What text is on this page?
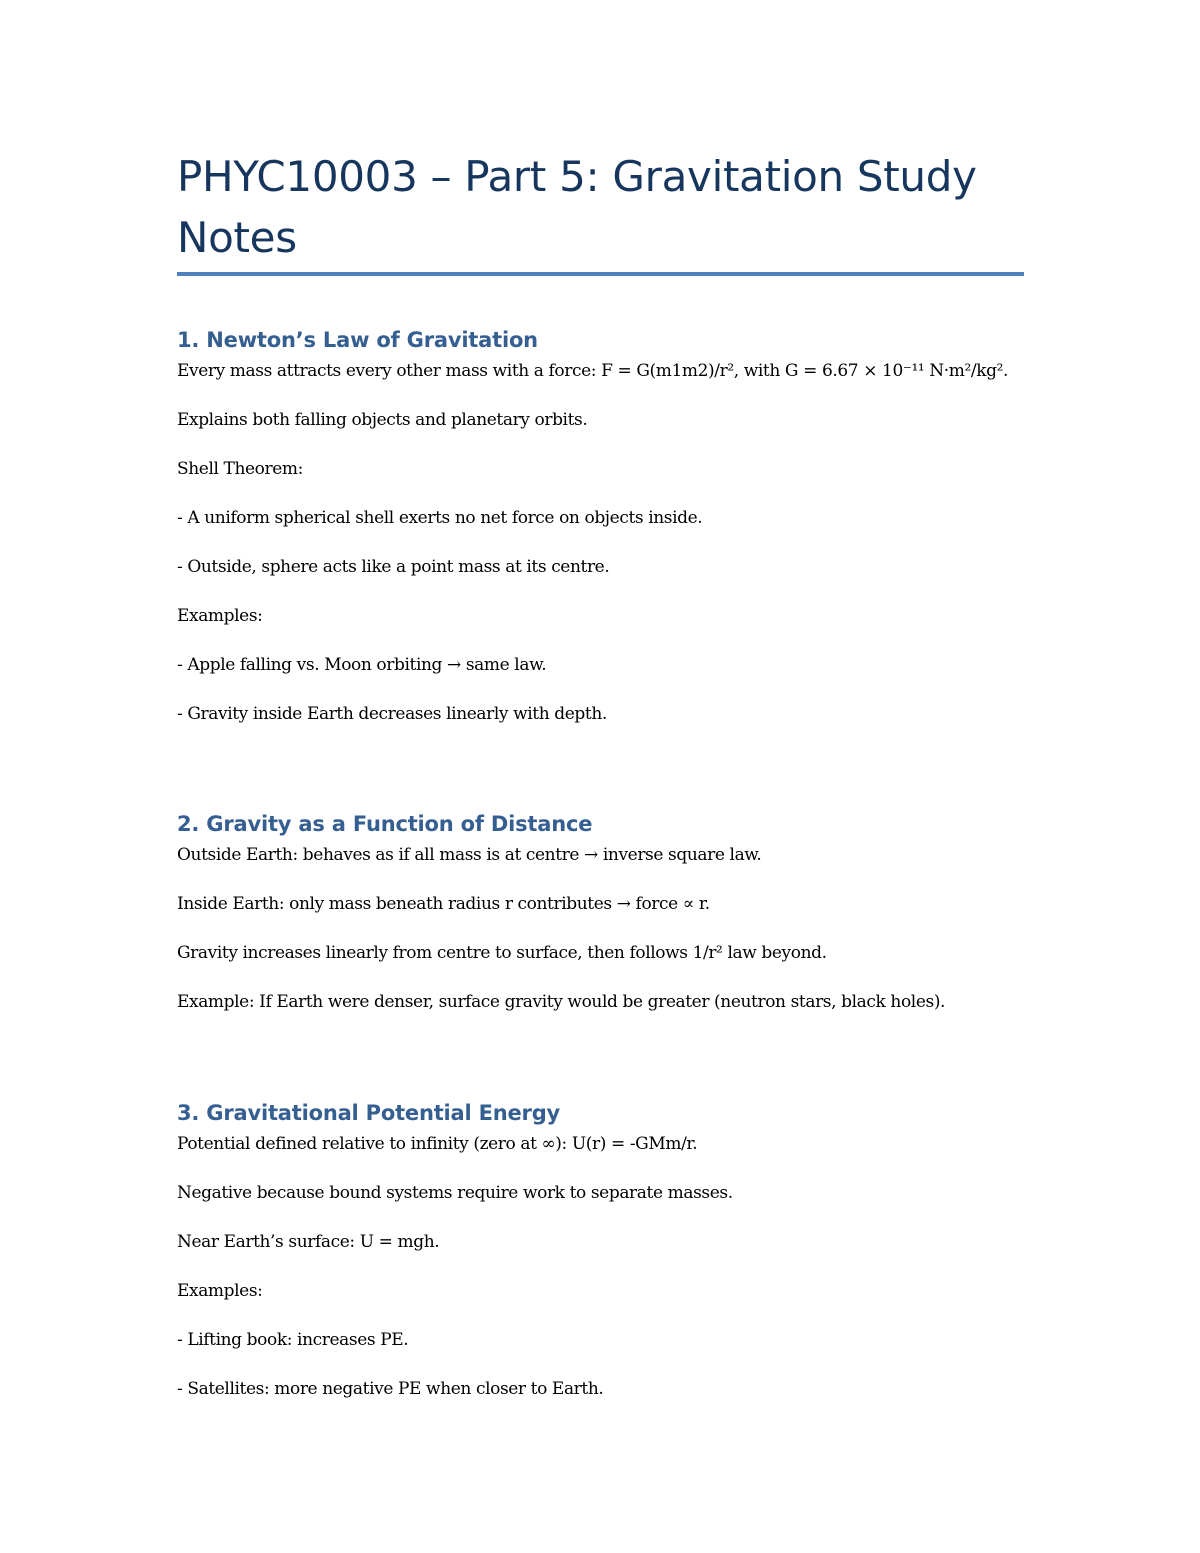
PHYC10003 – Part 5: Gravitation Study Notes
1. Newton’s Law of Gravitation

Every mass attracts every other mass with a force: F = G(m1m2)/r², with G = 6.67 × 10⁻¹¹ N·m²/kg².

Explains both falling objects and planetary orbits.

Shell Theorem:

- A uniform spherical shell exerts no net force on objects inside.

- Outside, sphere acts like a point mass at its centre.

Examples:

- Apple falling vs. Moon orbiting → same law.

- Gravity inside Earth decreases linearly with depth.

2. Gravity as a Function of Distance

Outside Earth: behaves as if all mass is at centre → inverse square law.

Inside Earth: only mass beneath radius r contributes → force ∝ r.

Gravity increases linearly from centre to surface, then follows 1/r² law beyond.

Example: If Earth were denser, surface gravity would be greater (neutron stars, black holes).

3. Gravitational Potential Energy

Potential defined relative to infinity (zero at ∞): U(r) = -GMm/r.

Negative because bound systems require work to separate masses.

Near Earth’s surface: U = mgh.

Examples:

- Lifting book: increases PE.

- Satellites: more negative PE when closer to Earth.
